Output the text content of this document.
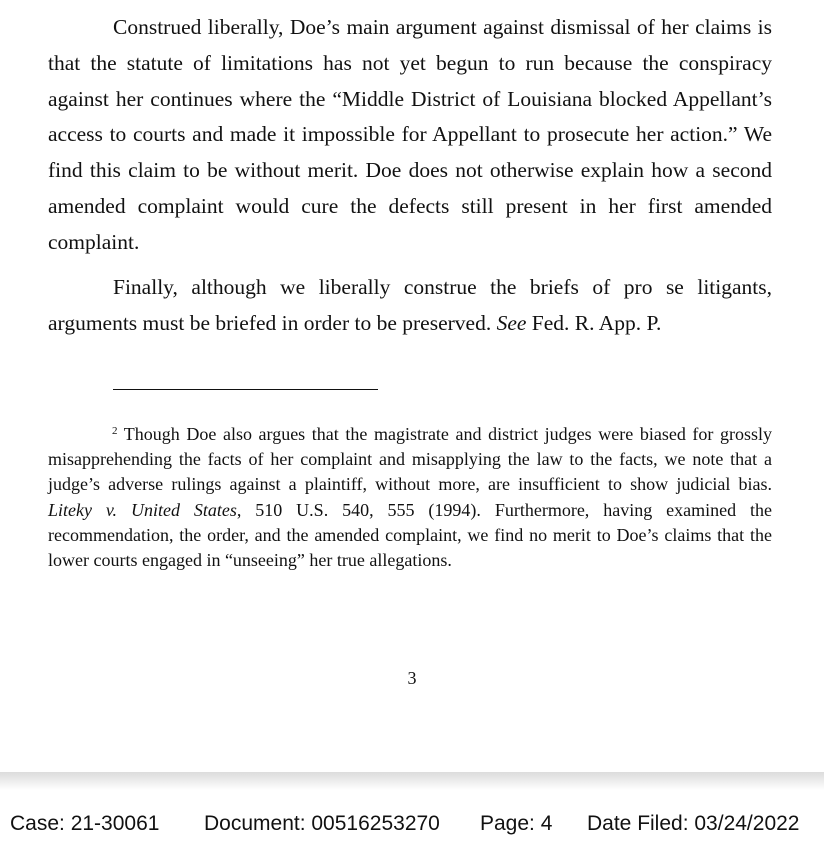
Construed liberally, Doe’s main argument against dismissal of her claims is that the statute of limitations has not yet begun to run because the conspiracy against her continues where the “Middle District of Louisiana blocked Appellant’s access to courts and made it impossible for Appellant to prosecute her action.” We find this claim to be without merit. Doe does not otherwise explain how a second amended complaint would cure the defects still present in her first amended complaint.

Finally, although we liberally construe the briefs of pro se litigants, arguments must be briefed in order to be preserved. See Fed. R. App. P.

$^2$ Though Doe also argues that the magistrate and district judges were biased for grossly misapprehending the facts of her complaint and misapplying the law to the facts, we note that a judge’s adverse rulings against a plaintiff, without more, are insufficient to show judicial bias. Liteky v. United States, 510 U.S. 540, 555 (1994). Furthermore, having examined the recommendation, the order, and the amended complaint, we find no merit to Doe’s claims that the lower courts engaged in “unseeing” her true allegations.

3
Case: 21-30061 Document: 00516253270 Page: 4 Date Filed: 03/24/2022
